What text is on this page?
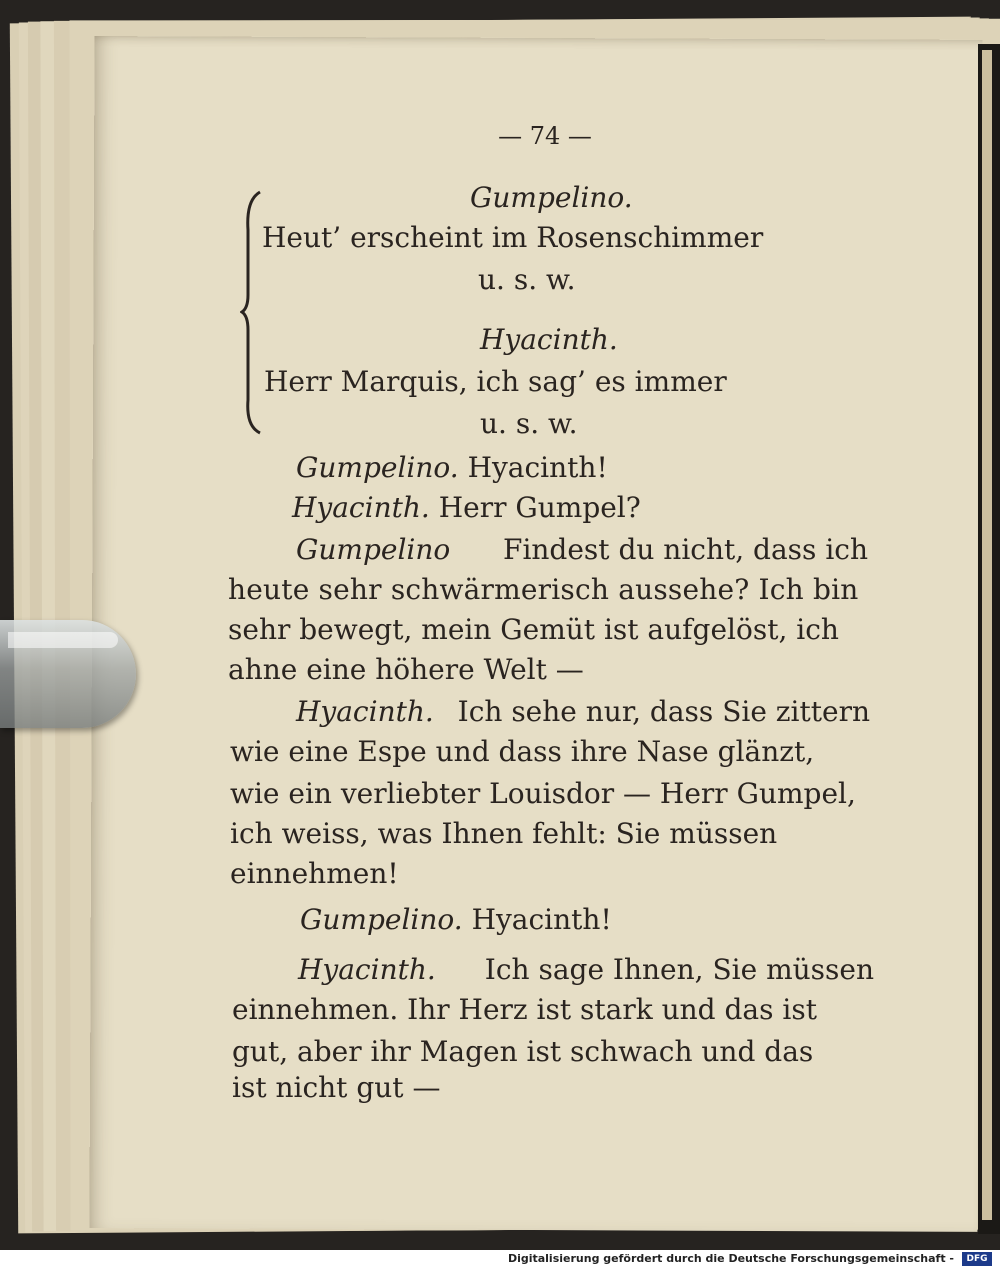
— 74 —
Gumpelino.
Heut’ erscheint im Rosenschimmer
u. s. w.
Hyacinth.
Herr Marquis, ich sag’ es immer
u. s. w.
Gumpelino. Hyacinth!
Hyacinth. Herr Gumpel?
Gumpelino Findest du nicht, dass ich
heute sehr schwärmerisch aussehe? Ich bin
sehr bewegt, mein Gemüt ist aufgelöst, ich
ahne eine höhere Welt —
Hyacinth. Ich sehe nur, dass Sie zittern
wie eine Espe und dass ihre Nase glänzt,
wie ein verliebter Louisdor — Herr Gumpel,
ich weiss, was Ihnen fehlt: Sie müssen
einnehmen!
Gumpelino. Hyacinth!
Hyacinth. Ich sage Ihnen, Sie müssen
einnehmen. Ihr Herz ist stark und das ist
gut, aber ihr Magen ist schwach und das
ist nicht gut —
Digitalisierung gefördert durch die Deutsche Forschungsgemeinschaft -	DFG
